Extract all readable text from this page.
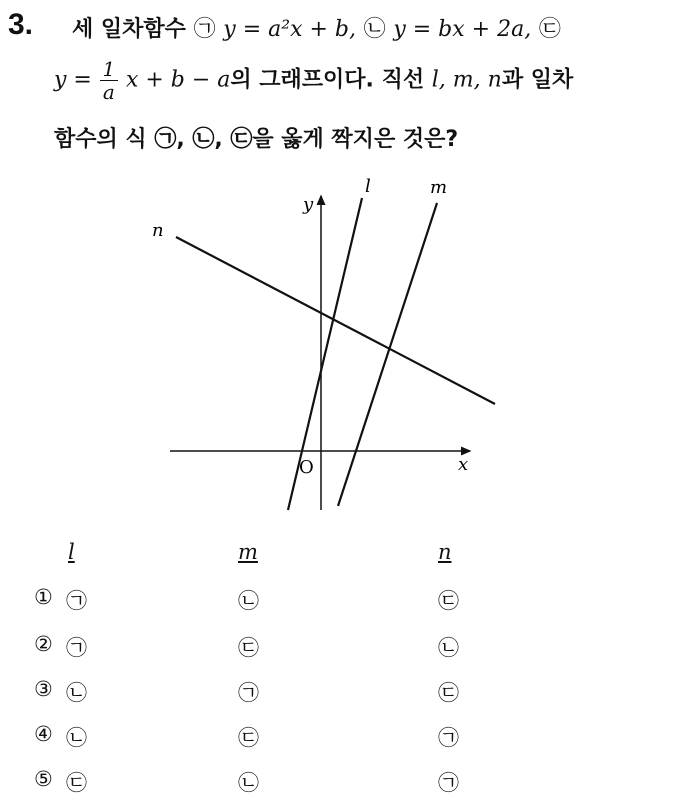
3. 세 일차함수 ㉠ y = a²x + b, ㉡ y = bx + 2a, ㉢
$y = \frac{1}{a}$ x + b − a의 그래프이다. 직선 l, m, n과 일차
함수의 식 ㉠, ㉡, ㉢을 옳게 짝지은 것은?
y
x
O
l	m
n
l	m	n
① ㉠	㉡	㉢
② ㉠	㉢	㉡
③ ㉡	㉠	㉢
④ ㉡	㉢	㉠
⑤ ㉢	㉡	㉠
